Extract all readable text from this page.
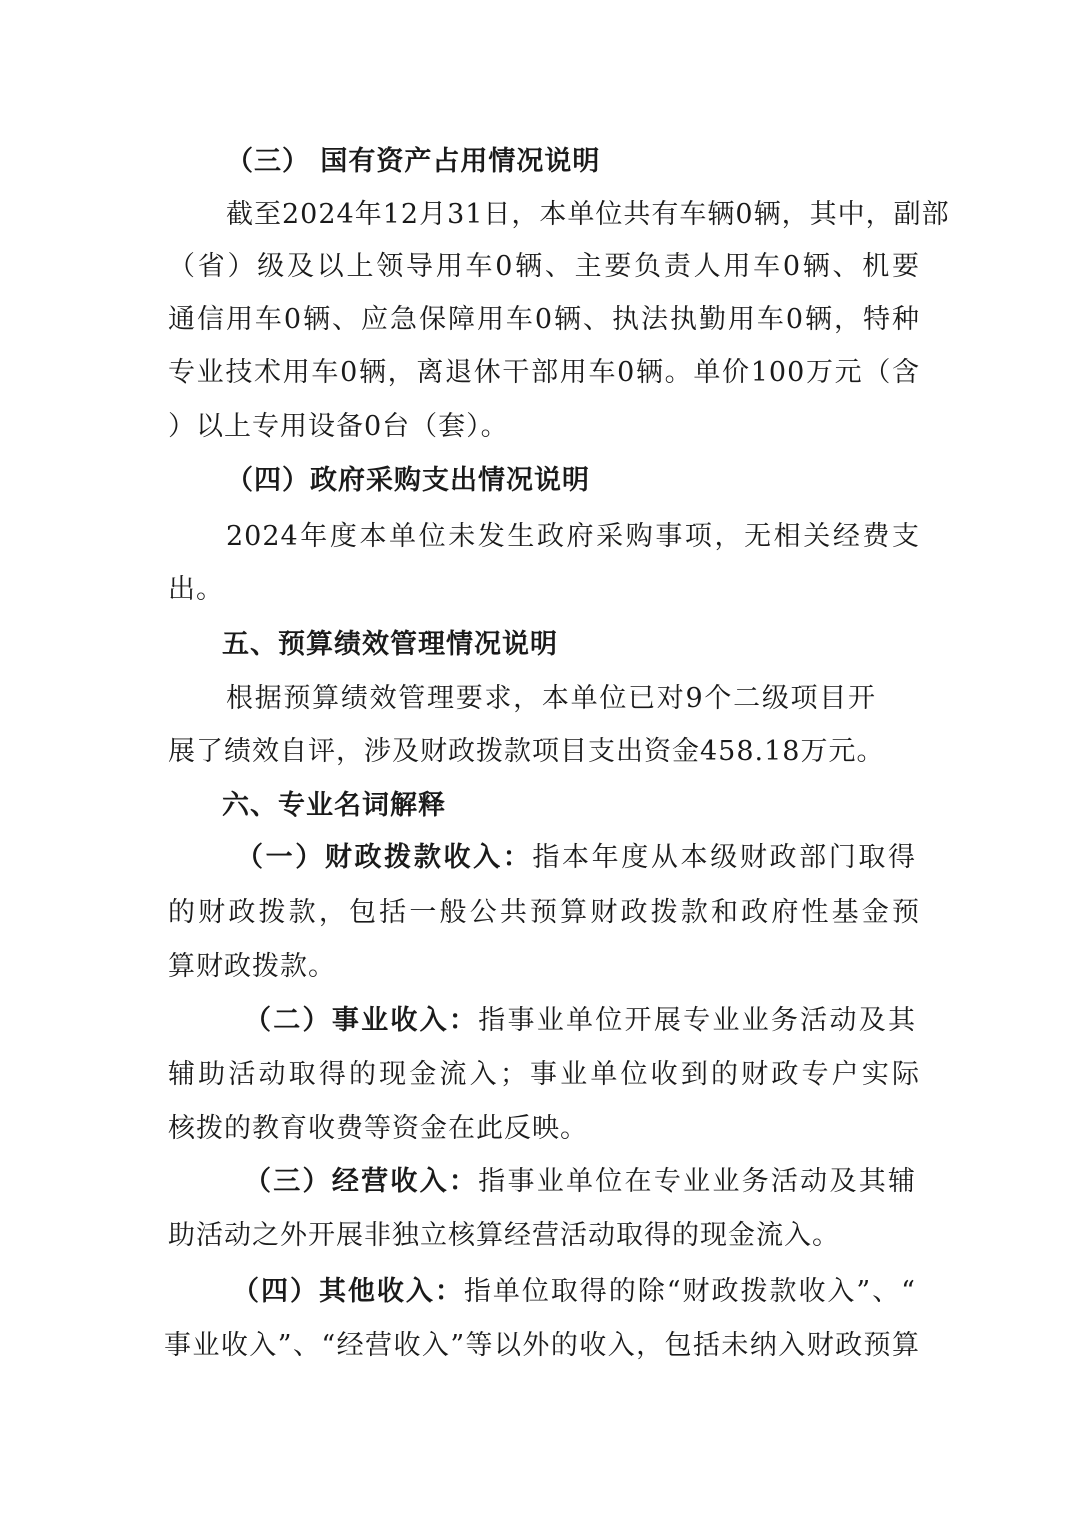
（三） 国有资产占用情况说明
截至2024年12月31日，本单位共有车辆0辆，其中，副部
（省）级及以上领导用车0辆、主要负责人用车0辆、机要
通信用车0辆、应急保障用车0辆、执法执勤用车0辆，特种
专业技术用车0辆，离退休干部用车0辆。单价100万元（含
）以上专用设备0台（套）。
（四）政府采购支出情况说明
2024年度本单位未发生政府采购事项，无相关经费支
出。
五、预算绩效管理情况说明
根据预算绩效管理要求，本单位已对9个二级项目开
展了绩效自评，涉及财政拨款项目支出资金458.18万元。
六、专业名词解释
（一）财政拨款收入：指本年度从本级财政部门取得
的财政拨款，包括一般公共预算财政拨款和政府性基金预
算财政拨款。
（二）事业收入：指事业单位开展专业业务活动及其
辅助活动取得的现金流入；事业单位收到的财政专户实际
核拨的教育收费等资金在此反映。
（三）经营收入：指事业单位在专业业务活动及其辅
助活动之外开展非独立核算经营活动取得的现金流入。
（四）其他收入：指单位取得的除“财政拨款收入”、“
事业收入”、“经营收入”等以外的收入，包括未纳入财政预算
